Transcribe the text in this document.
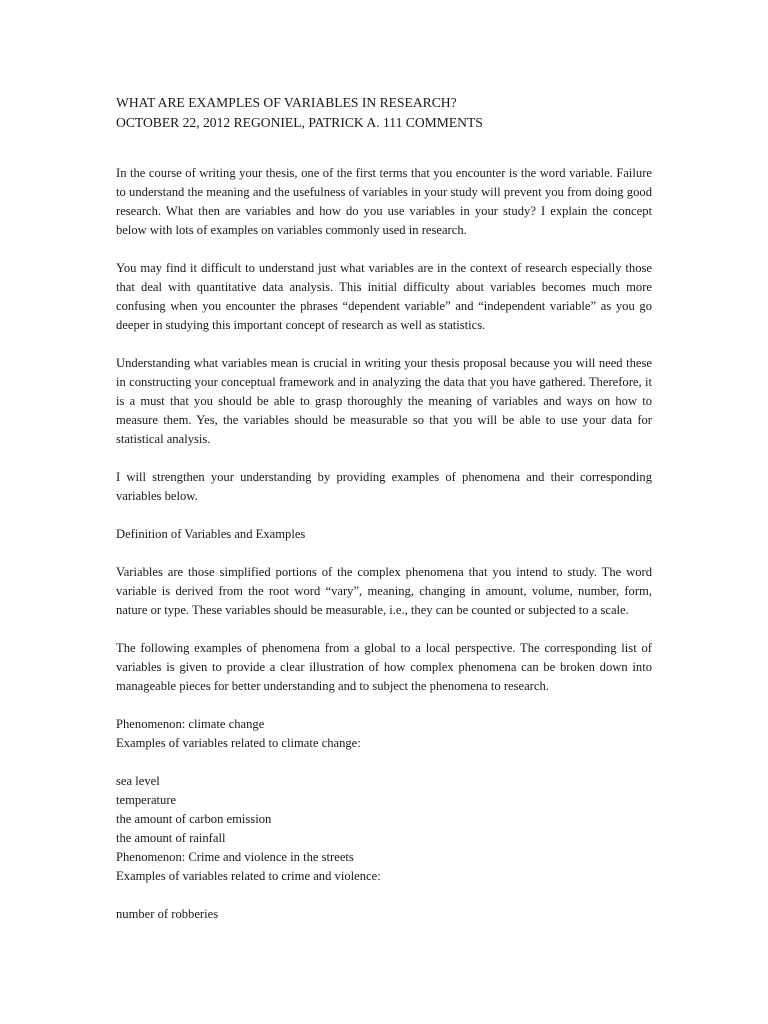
WHAT ARE EXAMPLES OF VARIABLES IN RESEARCH?

OCTOBER 22, 2012 REGONIEL, PATRICK A. 111 COMMENTS

In the course of writing your thesis, one of the first terms that you encounter is the word variable. Failure to understand the meaning and the usefulness of variables in your study will prevent you from doing good research. What then are variables and how do you use variables in your study? I explain the concept below with lots of examples on variables commonly used in research.

You may find it difficult to understand just what variables are in the context of research especially those that deal with quantitative data analysis. This initial difficulty about variables becomes much more confusing when you encounter the phrases “dependent variable” and “independent variable” as you go deeper in studying this important concept of research as well as statistics.

Understanding what variables mean is crucial in writing your thesis proposal because you will need these in constructing your conceptual framework and in analyzing the data that you have gathered. Therefore, it is a must that you should be able to grasp thoroughly the meaning of variables and ways on how to measure them. Yes, the variables should be measurable so that you will be able to use your data for statistical analysis.

I will strengthen your understanding by providing examples of phenomena and their corresponding variables below.

Definition of Variables and Examples

Variables are those simplified portions of the complex phenomena that you intend to study. The word variable is derived from the root word “vary”, meaning, changing in amount, volume, number, form, nature or type. These variables should be measurable, i.e., they can be counted or subjected to a scale.

The following examples of phenomena from a global to a local perspective. The corresponding list of variables is given to provide a clear illustration of how complex phenomena can be broken down into manageable pieces for better understanding and to subject the phenomena to research.

Phenomenon: climate change

Examples of variables related to climate change:

sea level

temperature

the amount of carbon emission

the amount of rainfall

Phenomenon: Crime and violence in the streets

Examples of variables related to crime and violence:

number of robberies
